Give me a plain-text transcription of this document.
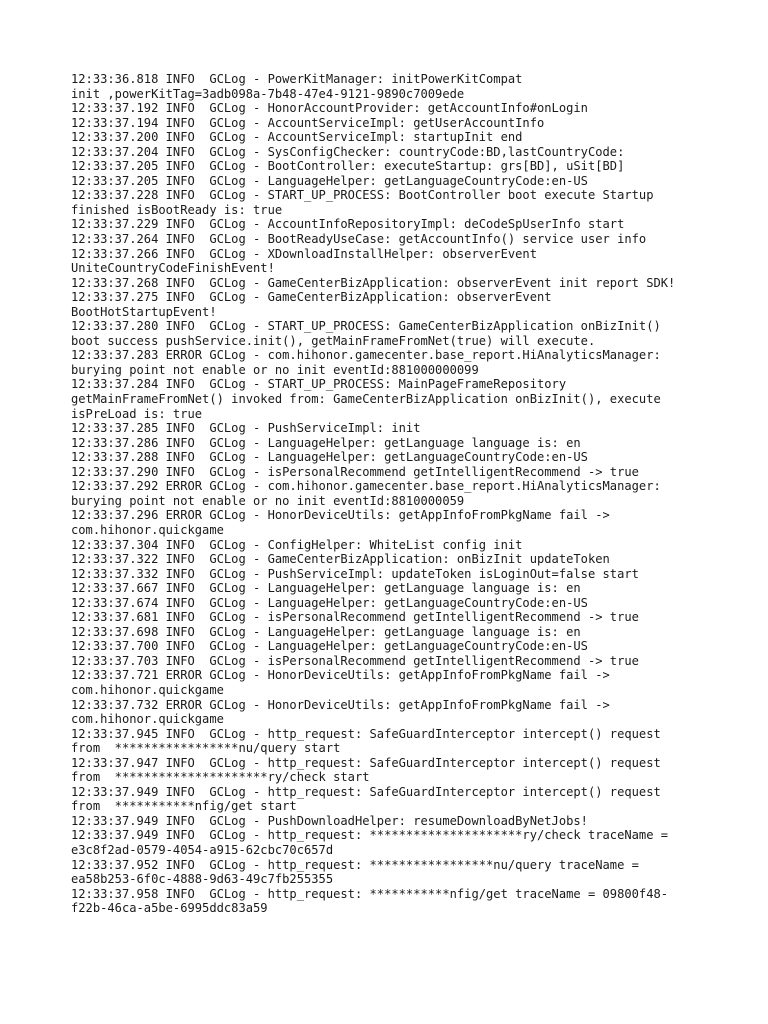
12:33:36.818 INFO  GCLog - PowerKitManager: initPowerKitCompat
init ,powerKitTag=3adb098a-7b48-47e4-9121-9890c7009ede
12:33:37.192 INFO  GCLog - HonorAccountProvider: getAccountInfo#onLogin
12:33:37.194 INFO  GCLog - AccountServiceImpl: getUserAccountInfo
12:33:37.200 INFO  GCLog - AccountServiceImpl: startupInit end
12:33:37.204 INFO  GCLog - SysConfigChecker: countryCode:BD,lastCountryCode:
12:33:37.205 INFO  GCLog - BootController: executeStartup: grs[BD], uSit[BD]
12:33:37.205 INFO  GCLog - LanguageHelper: getLanguageCountryCode:en-US
12:33:37.228 INFO  GCLog - START_UP_PROCESS: BootController boot execute Startup
finished isBootReady is: true
12:33:37.229 INFO  GCLog - AccountInfoRepositoryImpl: deCodeSpUserInfo start
12:33:37.264 INFO  GCLog - BootReadyUseCase: getAccountInfo() service user info
12:33:37.266 INFO  GCLog - XDownloadInstallHelper: observerEvent
UniteCountryCodeFinishEvent!
12:33:37.268 INFO  GCLog - GameCenterBizApplication: observerEvent init report SDK!
12:33:37.275 INFO  GCLog - GameCenterBizApplication: observerEvent
BootHotStartupEvent!
12:33:37.280 INFO  GCLog - START_UP_PROCESS: GameCenterBizApplication onBizInit()
boot success pushService.init(), getMainFrameFromNet(true) will execute.
12:33:37.283 ERROR GCLog - com.hihonor.gamecenter.base_report.HiAnalyticsManager:
burying point not enable or no init eventId:881000000099
12:33:37.284 INFO  GCLog - START_UP_PROCESS: MainPageFrameRepository
getMainFrameFromNet() invoked from: GameCenterBizApplication onBizInit(), execute
isPreLoad is: true
12:33:37.285 INFO  GCLog - PushServiceImpl: init
12:33:37.286 INFO  GCLog - LanguageHelper: getLanguage language is: en
12:33:37.288 INFO  GCLog - LanguageHelper: getLanguageCountryCode:en-US
12:33:37.290 INFO  GCLog - isPersonalRecommend getIntelligentRecommend -> true
12:33:37.292 ERROR GCLog - com.hihonor.gamecenter.base_report.HiAnalyticsManager:
burying point not enable or no init eventId:8810000059
12:33:37.296 ERROR GCLog - HonorDeviceUtils: getAppInfoFromPkgName fail ->
com.hihonor.quickgame
12:33:37.304 INFO  GCLog - ConfigHelper: WhiteList config init
12:33:37.322 INFO  GCLog - GameCenterBizApplication: onBizInit updateToken
12:33:37.332 INFO  GCLog - PushServiceImpl: updateToken isLoginOut=false start
12:33:37.667 INFO  GCLog - LanguageHelper: getLanguage language is: en
12:33:37.674 INFO  GCLog - LanguageHelper: getLanguageCountryCode:en-US
12:33:37.681 INFO  GCLog - isPersonalRecommend getIntelligentRecommend -> true
12:33:37.698 INFO  GCLog - LanguageHelper: getLanguage language is: en
12:33:37.700 INFO  GCLog - LanguageHelper: getLanguageCountryCode:en-US
12:33:37.703 INFO  GCLog - isPersonalRecommend getIntelligentRecommend -> true
12:33:37.721 ERROR GCLog - HonorDeviceUtils: getAppInfoFromPkgName fail ->
com.hihonor.quickgame
12:33:37.732 ERROR GCLog - HonorDeviceUtils: getAppInfoFromPkgName fail ->
com.hihonor.quickgame
12:33:37.945 INFO  GCLog - http_request: SafeGuardInterceptor intercept() request
from  *****************nu/query start
12:33:37.947 INFO  GCLog - http_request: SafeGuardInterceptor intercept() request
from  *********************ry/check start
12:33:37.949 INFO  GCLog - http_request: SafeGuardInterceptor intercept() request
from  ***********nfig/get start
12:33:37.949 INFO  GCLog - PushDownloadHelper: resumeDownloadByNetJobs!
12:33:37.949 INFO  GCLog - http_request: *********************ry/check traceName =
e3c8f2ad-0579-4054-a915-62cbc70c657d
12:33:37.952 INFO  GCLog - http_request: *****************nu/query traceName =
ea58b253-6f0c-4888-9d63-49c7fb255355
12:33:37.958 INFO  GCLog - http_request: ***********nfig/get traceName = 09800f48-
f22b-46ca-a5be-6995ddc83a59
